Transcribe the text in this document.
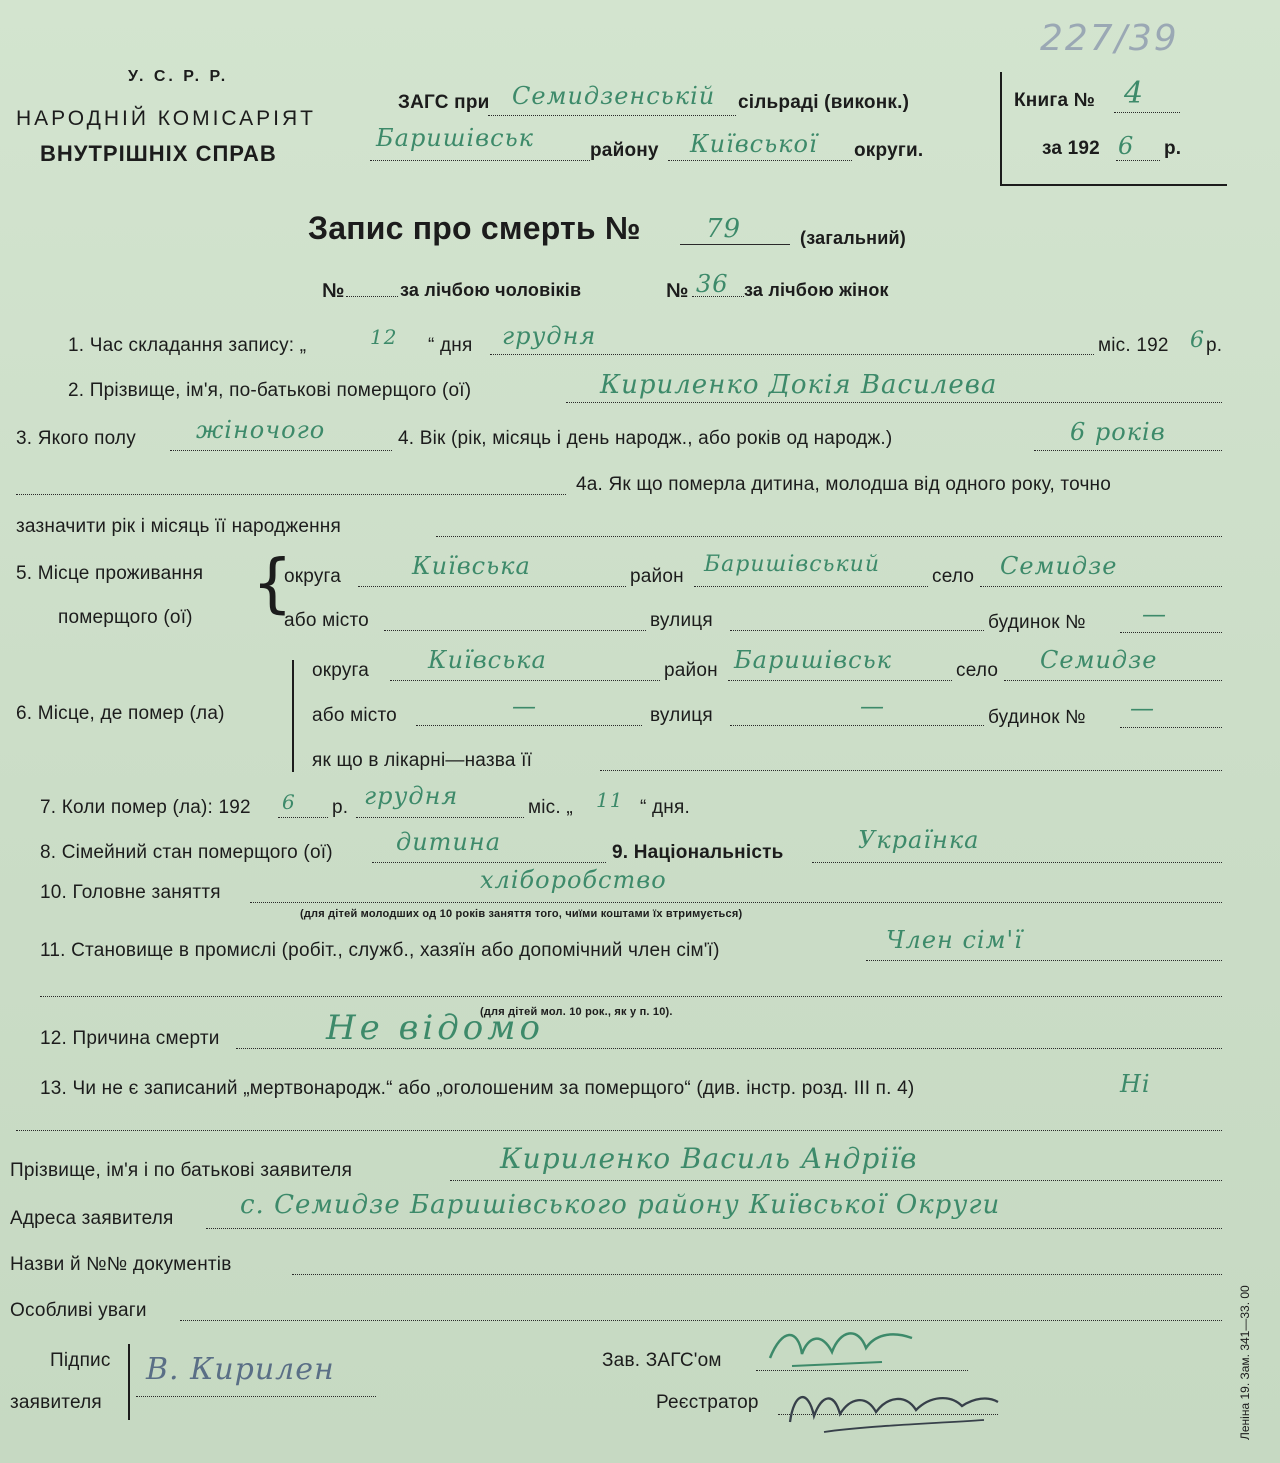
227/39
У. С. Р. Р.
НАРОДНІЙ КОМІСАРІЯТ
ВНУТРІШНІХ СПРАВ
ЗАГС при Семидзенській сільраді (виконк.)
Баришівськ	району Київської округи.
Книга № 4
за 192 6 р.
Запис про смерть №	79	(загальний)
№	за лічбою чоловіків	№ 36 за лічбою жінок
1. Час складання запису: „	12 “ дня грудня	міс. 192 6 р.
2. Прізвище, ім'я, по-батькові померщого (ої)	Кириленко Докія Василева
3. Якого полу	жіночого	4. Вік (рік, місяць і день народж., або років од народж.)	6 років
4а. Як що померла дитина, молодша від одного року, точно
зазначити рік і місяць її народження
5. Місце проживання
померщого (ої) {
округа	Київська	район Баришівський	село Семидзе
або місто	вулиця	будинок № —
6. Місце, де помер (ла)
округа Київська	район Баришівськ	село Семидзе
або місто	—	вулиця	—	будинок № —
як що в лікарні—назва її
7. Коли помер (ла): 192 6 р. грудня	міс. „ 11 “ дня.
8. Сімейний стан померщого (ої)	дитина	9. Національність	Українка
10. Головне заняття	хліборобство
(для дітей молодших од 10 років заняття того, чиїми коштами їх втримується)
11. Становище в промислі (робіт., служб., хазяїн або допомічний член сім'ї)	Член сім'ї
(для дітей мол. 10 рок., як у п. 10).
12. Причина смерти	Не відомо
13. Чи не є записаний „мертвонародж.“ або „оголошеним за померщого“ (див. інстр. розд. III п. 4)	Ні
Прізвище, ім'я і по батькові заявителя	Кириленко Василь Андріїв
Адреса заявителя	с. Семидзе Баришівського району Київської Округи
Назви й №№ документів
Особливі уваги
Підпис
заявителя
В. Кирилен	Зав. ЗАГС'ом
Реєстратор	Леніна 19. Зам. 341—33. 00
